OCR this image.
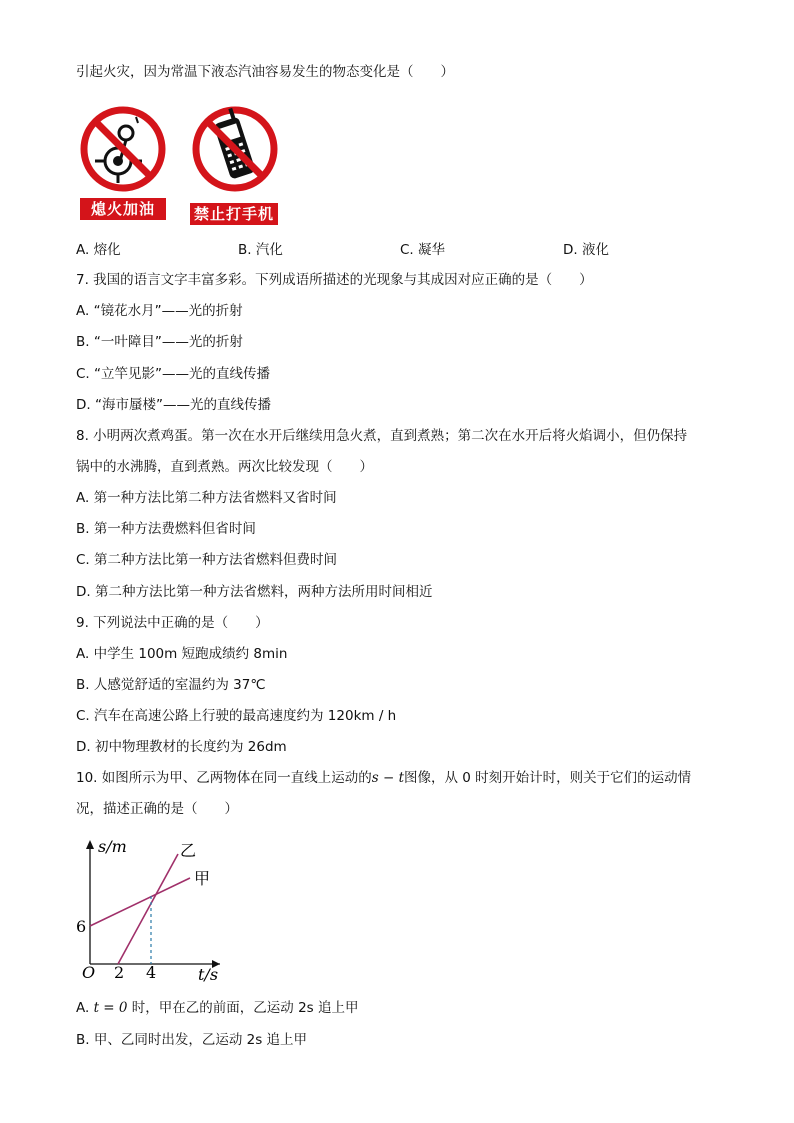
引起火灾，因为常温下液态汽油容易发生的物态变化是（　　）
熄火加油	禁止打手机
A. 熔化	B. 汽化	C. 凝华	D. 液化
7. 我国的语言文字丰富多彩。下列成语所描述的光现象与其成因对应正确的是（　　）
A. “镜花水月”——光的折射
B. “一叶障目”——光的折射
C. “立竿见影”——光的直线传播
D. “海市蜃楼”——光的直线传播
8. 小明两次煮鸡蛋。第一次在水开后继续用急火煮，直到煮熟；第二次在水开后将火焰调小，但仍保持
锅中的水沸腾，直到煮熟。两次比较发现（　　）
A. 第一种方法比第二种方法省燃料又省时间
B. 第一种方法费燃料但省时间
C. 第二种方法比第一种方法省燃料但费时间
D. 第二种方法比第一种方法省燃料，两种方法所用时间相近
9. 下列说法中正确的是（　　）
A. 中学生 100m 短跑成绩约 8min
B. 人感觉舒适的室温约为 37℃
C. 汽车在高速公路上行驶的最高速度约为 120km / h
D. 初中物理教材的长度约为 26dm
10. 如图所示为甲、乙两物体在同一直线上运动的s − t图像，从 0 时刻开始计时，则关于它们的运动情
况，描述正确的是（　　）
s/m
t/s
O
6
2 4
乙
甲
A. t = 0 时，甲在乙的前面，乙运动 2s 追上甲
B. 甲、乙同时出发，乙运动 2s 追上甲
